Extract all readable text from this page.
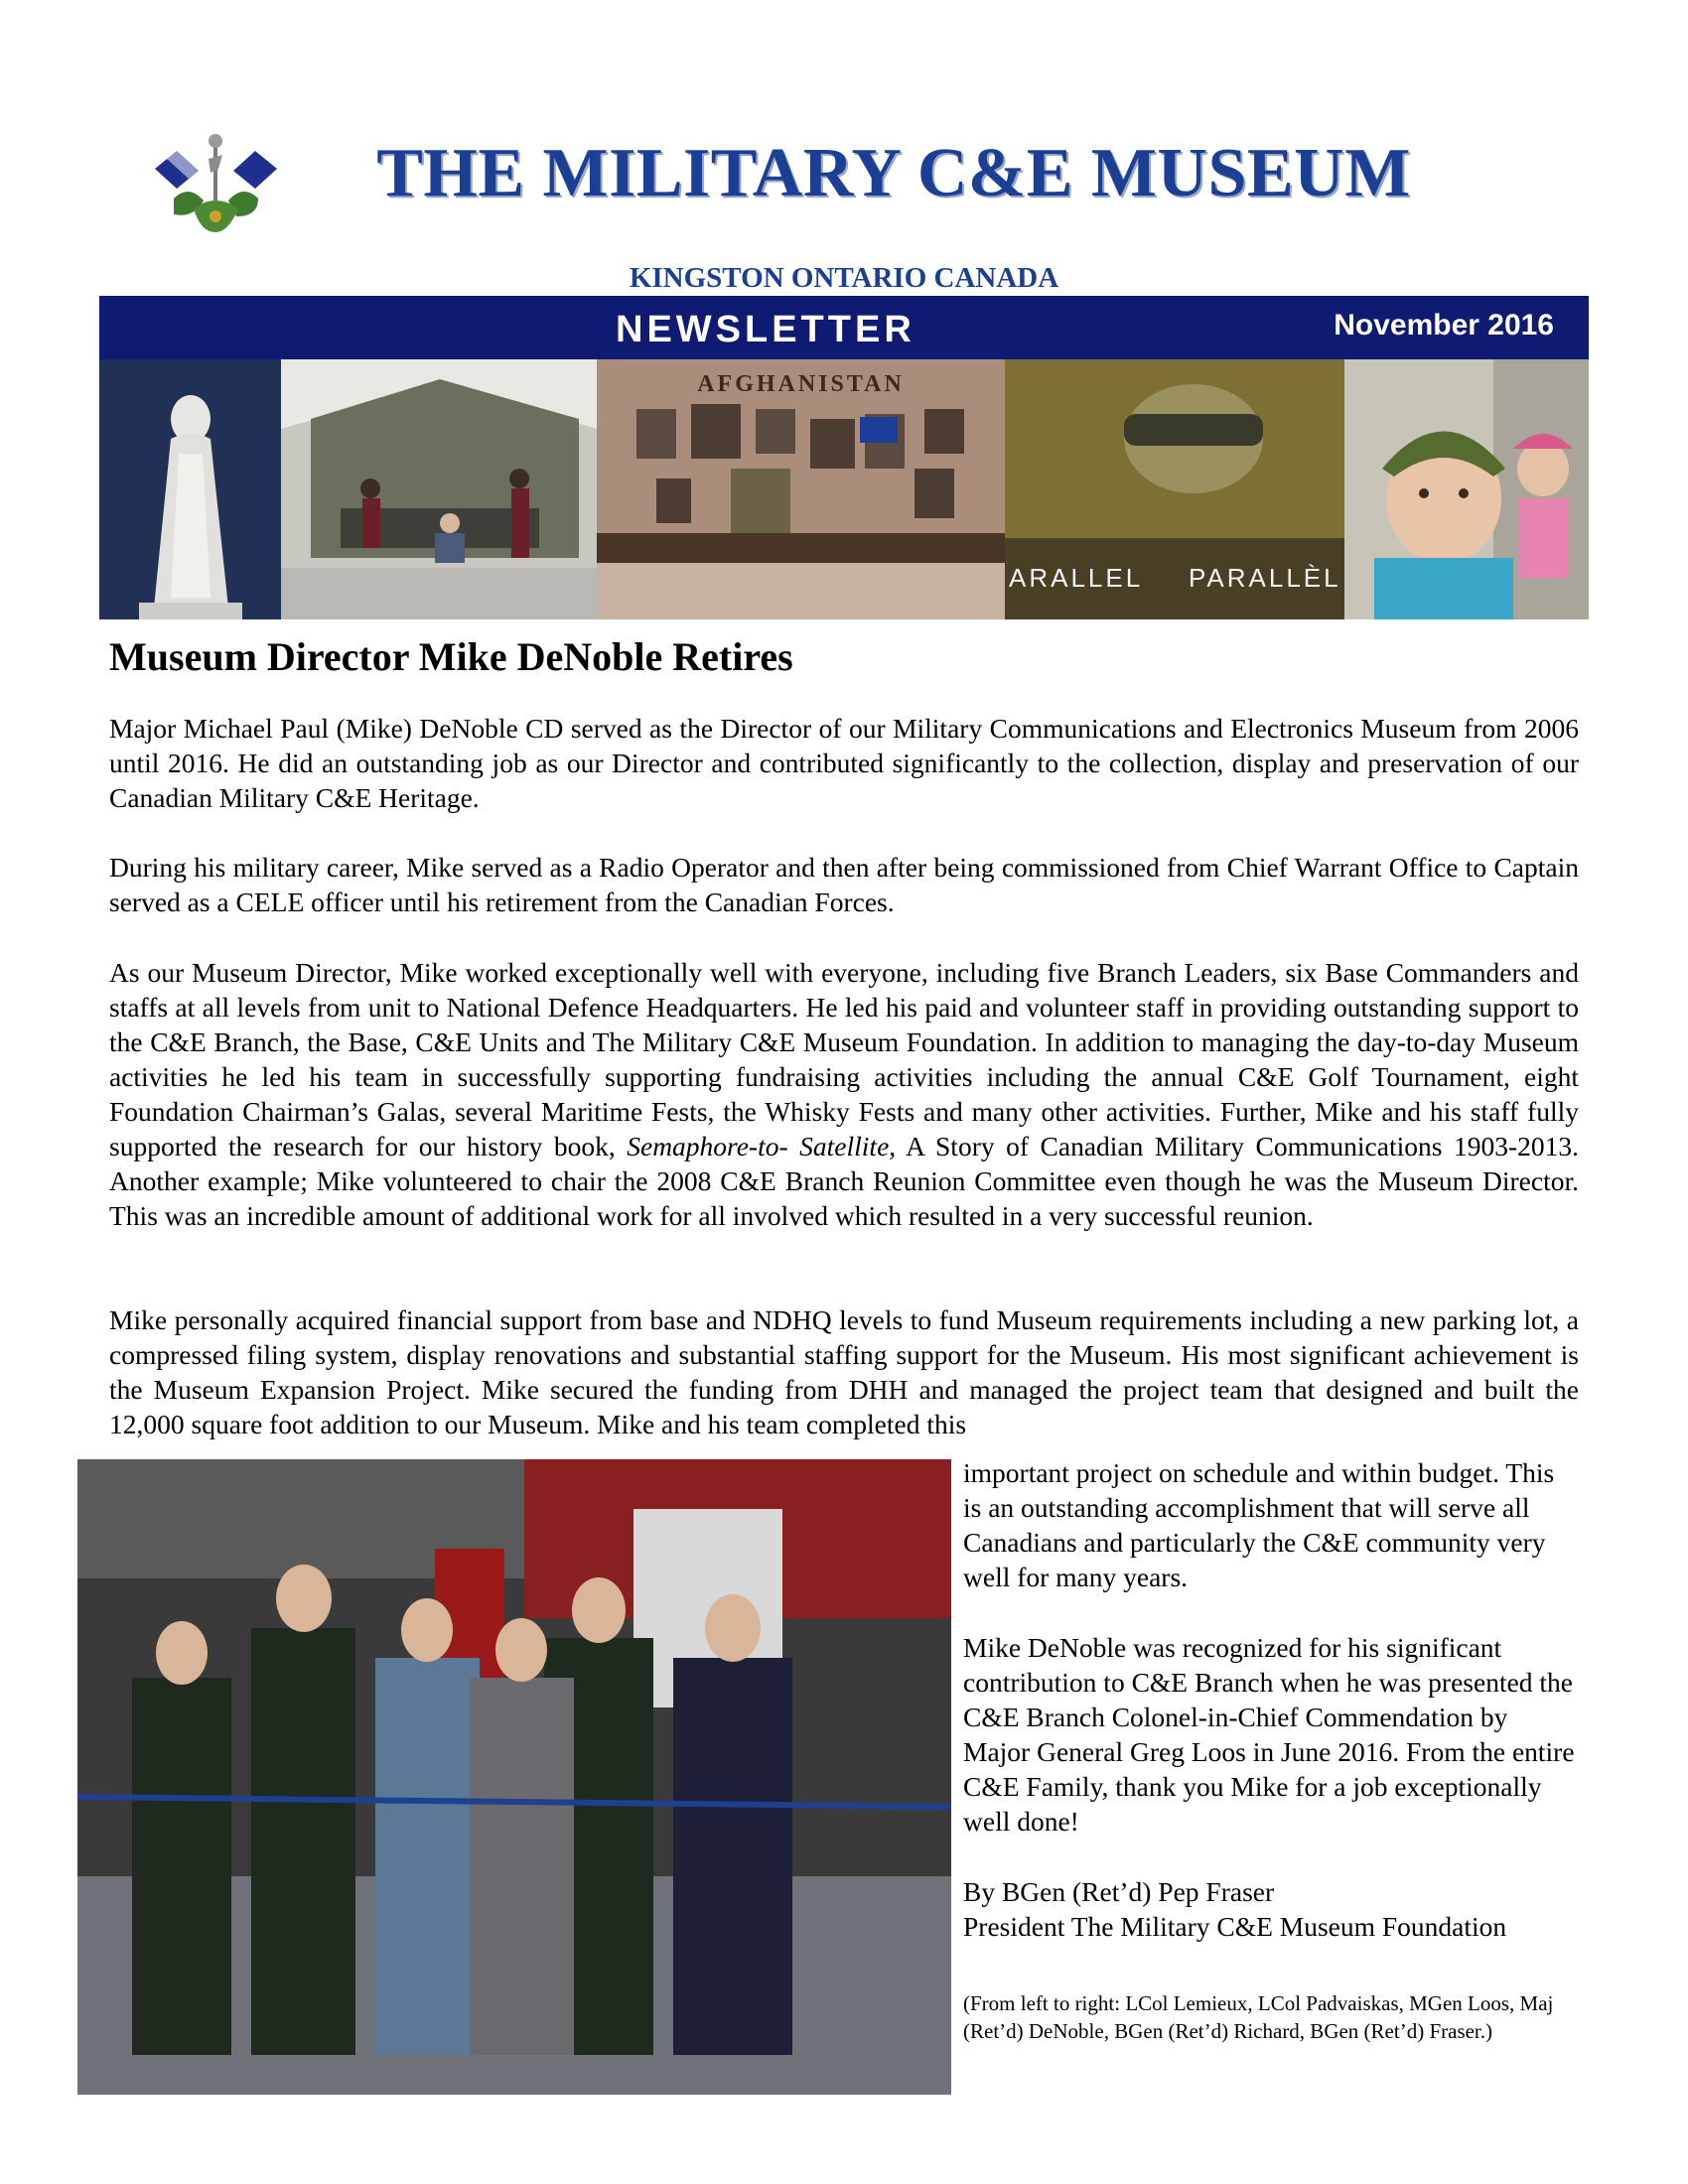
THE MILITARY C&E MUSEUM
KINGSTON ONTARIO CANADA
NEWSLETTER	November 2016
AFGHANISTAN
ARALLEL PARALLÈL
Museum Director Mike DeNoble Retires

Major Michael Paul (Mike) DeNoble CD served as the Director of our Military Communications and Electronics Museum from 2006 until 2016. He did an outstanding job as our Director and contributed significantly to the collection, display and preservation of our Canadian Military C&E Heritage.

During his military career, Mike served as a Radio Operator and then after being commissioned from Chief Warrant Office to Captain served as a CELE officer until his retirement from the Canadian Forces.

As our Museum Director, Mike worked exceptionally well with everyone, including five Branch Leaders, six Base Commanders and staffs at all levels from unit to National Defence Headquarters. He led his paid and volunteer staff in providing outstanding support to the C&E Branch, the Base, C&E Units and The Military C&E Museum Foundation. In addition to managing the day-to-day Museum activities he led his team in successfully supporting fundraising activities including the annual C&E Golf Tournament, eight Foundation Chairman’s Galas, several Maritime Fests, the Whisky Fests and many other activities. Further, Mike and his staff fully supported the research for our history book, Semaphore-to- Satellite, A Story of Canadian Military Communications 1903-2013. Another example; Mike volunteered to chair the 2008 C&E Branch Reunion Committee even though he was the Museum Director. This was an incredible amount of additional work for all involved which resulted in a very successful reunion.

Mike personally acquired financial support from base and NDHQ levels to fund Museum requirements including a new parking lot, a compressed filing system, display renovations and substantial staffing support for the Museum. His most significant achievement is the Museum Expansion Project. Mike secured the funding from DHH and managed the project team that designed and built the 12,000 square foot addition to our Museum. Mike and his team completed this

important project on schedule and within budget. This is an outstanding accomplishment that will serve all Canadians and particularly the C&E community very well for many years.

Mike DeNoble was recognized for his significant contribution to C&E Branch when he was presented the C&E Branch Colonel-in-Chief Commendation by Major General Greg Loos in June 2016. From the entire C&E Family, thank you Mike for a job exceptionally well done!

By BGen (Ret’d) Pep Fraser
President The Military C&E Museum Foundation

(From left to right: LCol Lemieux, LCol Padvaiskas, MGen Loos, Maj (Ret’d) DeNoble, BGen (Ret’d) Richard, BGen (Ret’d) Fraser.)
